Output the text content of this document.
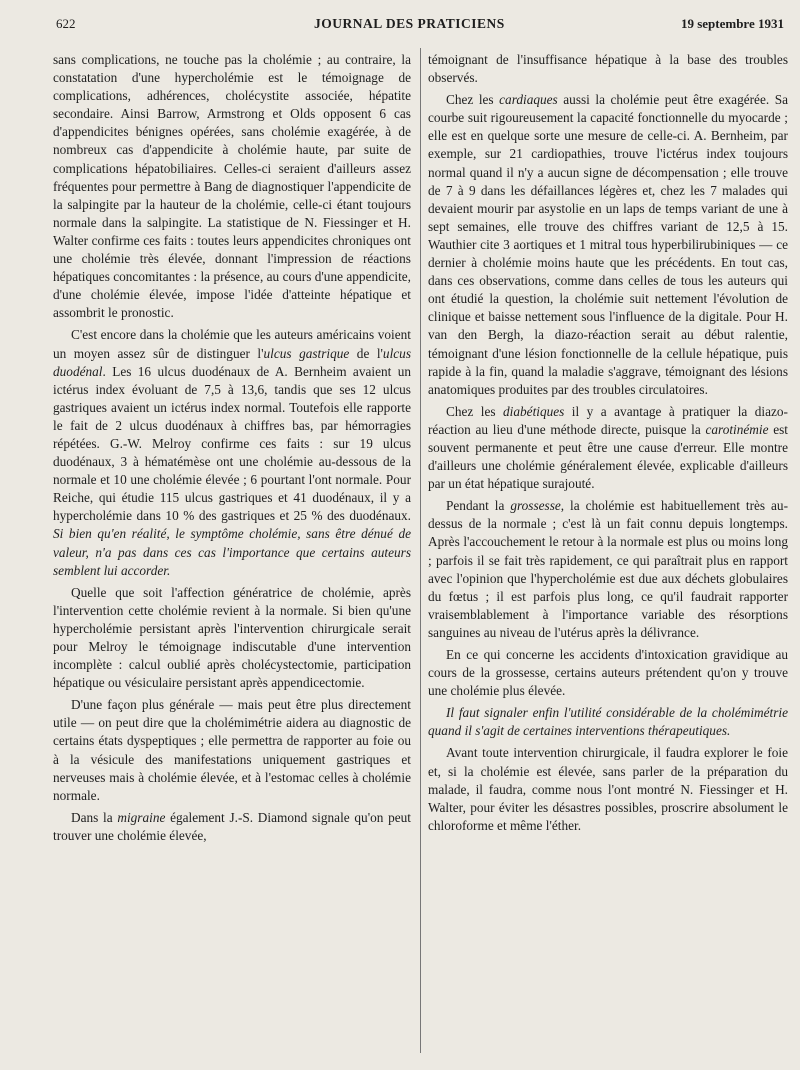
622	JOURNAL DES PRATICIENS	19 septembre 1931

sans complications, ne touche pas la cholémie ; au contraire, la constatation d'une hypercholémie est le témoignage de complications, adhérences, cholécystite associée, hépatite secondaire. Ainsi Barrow, Armstrong et Olds opposent 6 cas d'appendicites bénignes opérées, sans cholémie exagérée, à de nombreux cas d'appendicite à cholémie haute, par suite de complications hépatobiliaires. Celles-ci seraient d'ailleurs assez fréquentes pour permettre à Bang de diagnostiquer l'appendicite de la salpingite par la hauteur de la cholémie, celle-ci étant toujours normale dans la salpingite. La statistique de N. Fiessinger et H. Walter confirme ces faits : toutes leurs appendicites chroniques ont une cholémie très élevée, donnant l'impression de réactions hépatiques concomitantes : la présence, au cours d'une appendicite, d'une cholémie élevée, impose l'idée d'atteinte hépatique et assombrit le pronostic.

C'est encore dans la cholémie que les auteurs américains voient un moyen assez sûr de distinguer l'ulcus gastrique de l'ulcus duodénal. Les 16 ulcus duodénaux de A. Bernheim avaient un ictérus index évoluant de 7,5 à 13,6, tandis que ses 12 ulcus gastriques avaient un ictérus index normal. Toutefois elle rapporte le fait de 2 ulcus duodénaux à chiffres bas, par hémorragies répétées. G.-W. Melroy confirme ces faits : sur 19 ulcus duodénaux, 3 à hématémèse ont une cholémie au-dessous de la normale et 10 une cholémie élevée ; 6 pourtant l'ont normale. Pour Reiche, qui étudie 115 ulcus gastriques et 41 duodénaux, il y a hypercholémie dans 10 % des gastriques et 25 % des duodénaux. Si bien qu'en réalité, le symptôme cholémie, sans être dénué de valeur, n'a pas dans ces cas l'importance que certains auteurs semblent lui accorder.

Quelle que soit l'affection génératrice de cholémie, après l'intervention cette cholémie revient à la normale. Si bien qu'une hypercholémie persistant après l'intervention chirurgicale serait pour Melroy le témoignage indiscutable d'une intervention incomplète : calcul oublié après cholécystectomie, participation hépatique ou vésiculaire persistant après appendicectomie.

D'une façon plus générale — mais peut être plus directement utile — on peut dire que la cholémimétrie aidera au diagnostic de certains états dyspeptiques ; elle permettra de rapporter au foie ou à la vésicule des manifestations uniquement gastriques et nerveuses mais à cholémie élevée, et à l'estomac celles à cholémie normale.

Dans la migraine également J.-S. Diamond signale qu'on peut trouver une cholémie élevée,

témoignant de l'insuffisance hépatique à la base des troubles observés.

Chez les cardiaques aussi la cholémie peut être exagérée. Sa courbe suit rigoureusement la capacité fonctionnelle du myocarde ; elle est en quelque sorte une mesure de celle-ci. A. Bernheim, par exemple, sur 21 cardiopathies, trouve l'ictérus index toujours normal quand il n'y a aucun signe de décompensation ; elle trouve de 7 à 9 dans les défaillances légères et, chez les 7 malades qui devaient mourir par asystolie en un laps de temps variant de une à sept semaines, elle trouve des chiffres variant de 12,5 à 15. Wauthier cite 3 aortiques et 1 mitral tous hyperbilirubiniques — ce dernier à cholémie moins haute que les précédents. En tout cas, dans ces observations, comme dans celles de tous les auteurs qui ont étudié la question, la cholémie suit nettement l'évolution de clinique et baisse nettement sous l'influence de la digitale. Pour H. van den Bergh, la diazo-réaction serait au début ralentie, témoignant d'une lésion fonctionnelle de la cellule hépatique, puis rapide à la fin, quand la maladie s'aggrave, témoignant des lésions anatomiques produites par des troubles circulatoires.

Chez les diabétiques il y a avantage à pratiquer la diazo-réaction au lieu d'une méthode directe, puisque la carotinémie est souvent permanente et peut être une cause d'erreur. Elle montre d'ailleurs une cholémie généralement élevée, explicable d'ailleurs par un état hépatique surajouté.

Pendant la grossesse, la cholémie est habituellement très au-dessus de la normale ; c'est là un fait connu depuis longtemps. Après l'accouchement le retour à la normale est plus ou moins long ; parfois il se fait très rapidement, ce qui paraîtrait plus en rapport avec l'opinion que l'hypercholémie est due aux déchets globulaires du fœtus ; il est parfois plus long, ce qu'il faudrait rapporter vraisemblablement à l'importance variable des résorptions sanguines au niveau de l'utérus après la délivrance.

En ce qui concerne les accidents d'intoxication gravidique au cours de la grossesse, certains auteurs prétendent qu'on y trouve une cholémie plus élevée.

Il faut signaler enfin l'utilité considérable de la cholémimétrie quand il s'agit de certaines interventions thérapeutiques.

Avant toute intervention chirurgicale, il faudra explorer le foie et, si la cholémie est élevée, sans parler de la préparation du malade, il faudra, comme nous l'ont montré N. Fiessinger et H. Walter, pour éviter les désastres possibles, proscrire absolument le chloroforme et même l'éther.
